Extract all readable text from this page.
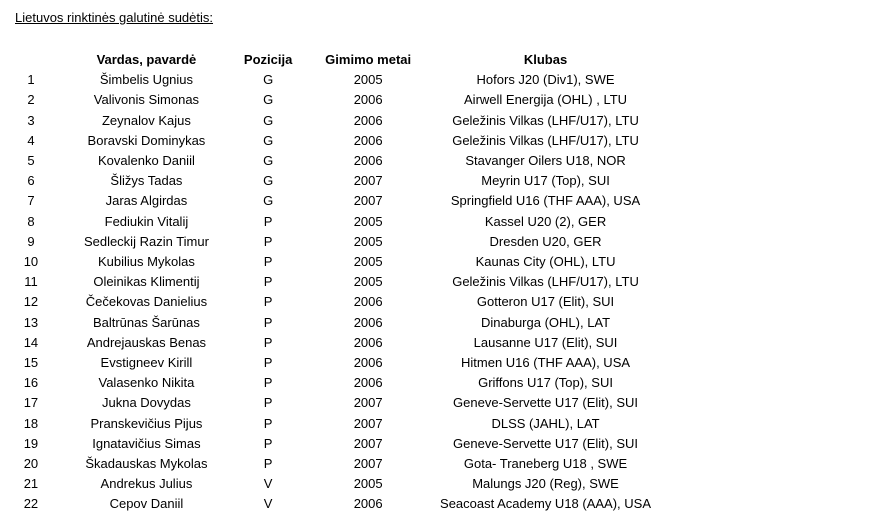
Lietuvos rinktinės galutinė sudėtis:
	Vardas, pavardė	Pozicija	Gimimo metai	Klubas
1	Šimbelis Ugnius	G	2005	Hofors J20 (Div1), SWE
2	Valivonis Simonas	G	2006	Airwell Energija (OHL) , LTU
3	Zeynalov Kajus	G	2006	Geležinis Vilkas (LHF/U17), LTU
4	Boravski Dominykas	G	2006	Geležinis Vilkas (LHF/U17), LTU
5	Kovalenko Daniil	G	2006	Stavanger Oilers U18, NOR
6	Šližys Tadas	G	2007	Meyrin U17 (Top), SUI
7	Jaras Algirdas	G	2007	Springfield U16 (THF AAA), USA
8	Fediukin Vitalij	P	2005	Kassel U20 (2), GER
9	Sedleckij Razin Timur	P	2005	Dresden U20, GER
10	Kubilius Mykolas	P	2005	Kaunas City (OHL), LTU
11	Oleinikas Klimentij	P	2005	Geležinis Vilkas (LHF/U17), LTU
12	Čečekovas Danielius	P	2006	Gotteron U17 (Elit), SUI
13	Baltrūnas Šarūnas	P	2006	Dinaburga (OHL), LAT
14	Andrejauskas Benas	P	2006	Lausanne U17 (Elit), SUI
15	Evstigneev Kirill	P	2006	Hitmen U16 (THF AAA), USA
16	Valasenko Nikita	P	2006	Griffons U17 (Top), SUI
17	Jukna Dovydas	P	2007	Geneve-Servette U17 (Elit), SUI
18	Pranskevičius Pijus	P	2007	DLSS (JAHL), LAT
19	Ignatavičius Simas	P	2007	Geneve-Servette U17 (Elit), SUI
20	Škadauskas Mykolas	P	2007	Gota- Traneberg U18 , SWE
21	Andrekus Julius	V	2005	Malungs J20 (Reg), SWE
22	Cepov Daniil	V	2006	Seacoast Academy U18 (AAA), USA
